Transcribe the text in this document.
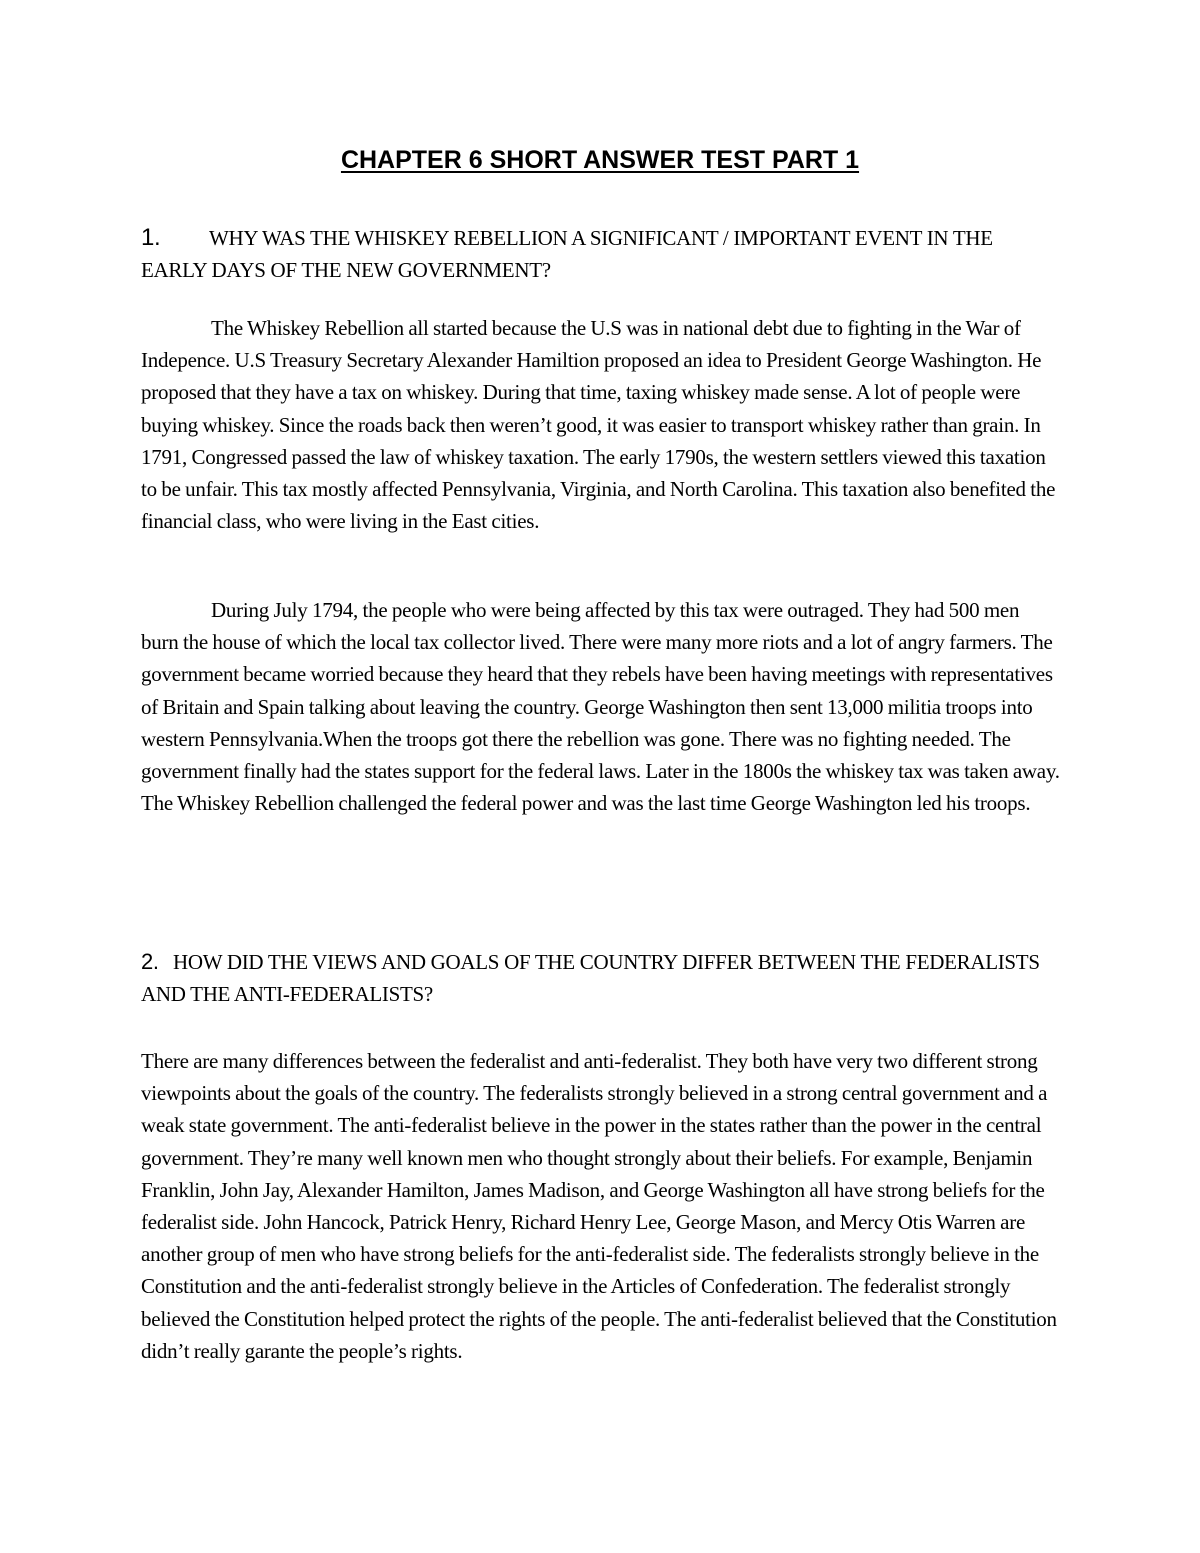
CHAPTER 6 SHORT ANSWER TEST PART 1
1. WHY WAS THE WHISKEY REBELLION A SIGNIFICANT / IMPORTANT EVENT IN THE EARLY DAYS OF THE NEW GOVERNMENT?

The Whiskey Rebellion all started because the U.S was in national debt due to fighting in the War of Indepence. U.S Treasury Secretary Alexander Hamiltion proposed an idea to President George Washington. He proposed that they have a tax on whiskey. During that time, taxing whiskey made sense. A lot of people were buying whiskey. Since the roads back then weren’t good, it was easier to transport whiskey rather than grain. In 1791, Congressed passed the law of whiskey taxation. The early 1790s, the western settlers viewed this taxation to be unfair. This tax mostly affected Pennsylvania, Virginia, and North Carolina. This taxation also benefited the financial class, who were living in the East cities.

During July 1794, the people who were being affected by this tax were outraged. They had 500 men burn the house of which the local tax collector lived. There were many more riots and a lot of angry farmers. The government became worried because they heard that they rebels have been having meetings with representatives of Britain and Spain talking about leaving the country. George Washington then sent 13,000 militia troops into western Pennsylvania.When the troops got there the rebellion was gone. There was no fighting needed. The government finally had the states support for the federal laws. Later in the 1800s the whiskey tax was taken away. The Whiskey Rebellion challenged the federal power and was the last time George Washington led his troops.

2. HOW DID THE VIEWS AND GOALS OF THE COUNTRY DIFFER BETWEEN THE FEDERALISTS AND THE ANTI-FEDERALISTS?

There are many differences between the federalist and anti-federalist. They both have very two different strong viewpoints about the goals of the country. The federalists strongly believed in a strong central government and a weak state government. The anti-federalist believe in the power in the states rather than the power in the central government. They’re many well known men who thought strongly about their beliefs. For example, Benjamin Franklin, John Jay, Alexander Hamilton, James Madison, and George Washington all have strong beliefs for the federalist side. John Hancock, Patrick Henry, Richard Henry Lee, George Mason, and Mercy Otis Warren are another group of men who have strong beliefs for the anti-federalist side. The federalists strongly believe in the Constitution and the anti-federalist strongly believe in the Articles of Confederation. The federalist strongly believed the Constitution helped protect the rights of the people. The anti-federalist believed that the Constitution didn’t really garante the people’s rights.
